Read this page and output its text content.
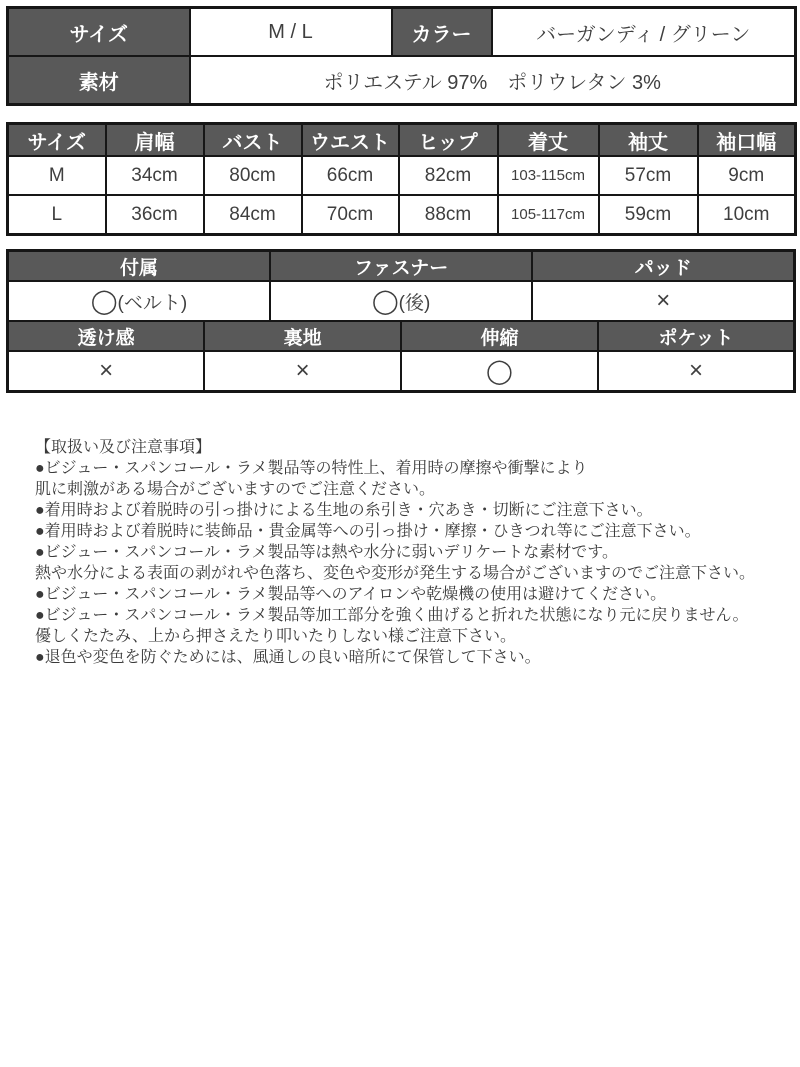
サイズ	M / L	カラー	バーガンディ / グリーン
素材	ポリエステル 97%　ポリウレタン 3%		
サイズ	肩幅	バスト	ウエスト	ヒップ	着丈	袖丈	袖口幅
M	34cm	80cm	66cm	82cm	103-115cm	57cm	9cm
L	36cm	84cm	70cm	88cm	105-117cm	59cm	10cm
付属		ファスナー		パッド	
◯(ベルト)		◯(後)		×	
透け感	裏地		伸縮		ポケット
×	×		◯		×
【取扱い及び注意事項】
●ビジュー・スパンコール・ラメ製品等の特性上、着用時の摩擦や衝撃により
肌に刺激がある場合がございますのでご注意ください。
●着用時および着脱時の引っ掛けによる生地の糸引き・穴あき・切断にご注意下さい。
●着用時および着脱時に装飾品・貴金属等への引っ掛け・摩擦・ひきつれ等にご注意下さい。
●ビジュー・スパンコール・ラメ製品等は熱や水分に弱いデリケートな素材です。
熱や水分による表面の剥がれや色落ち、変色や変形が発生する場合がございますのでご注意下さい。
●ビジュー・スパンコール・ラメ製品等へのアイロンや乾燥機の使用は避けてください。
●ビジュー・スパンコール・ラメ製品等加工部分を強く曲げると折れた状態になり元に戻りません。
優しくたたみ、上から押さえたり叩いたりしない様ご注意下さい。
●退色や変色を防ぐためには、風通しの良い暗所にて保管して下さい。
